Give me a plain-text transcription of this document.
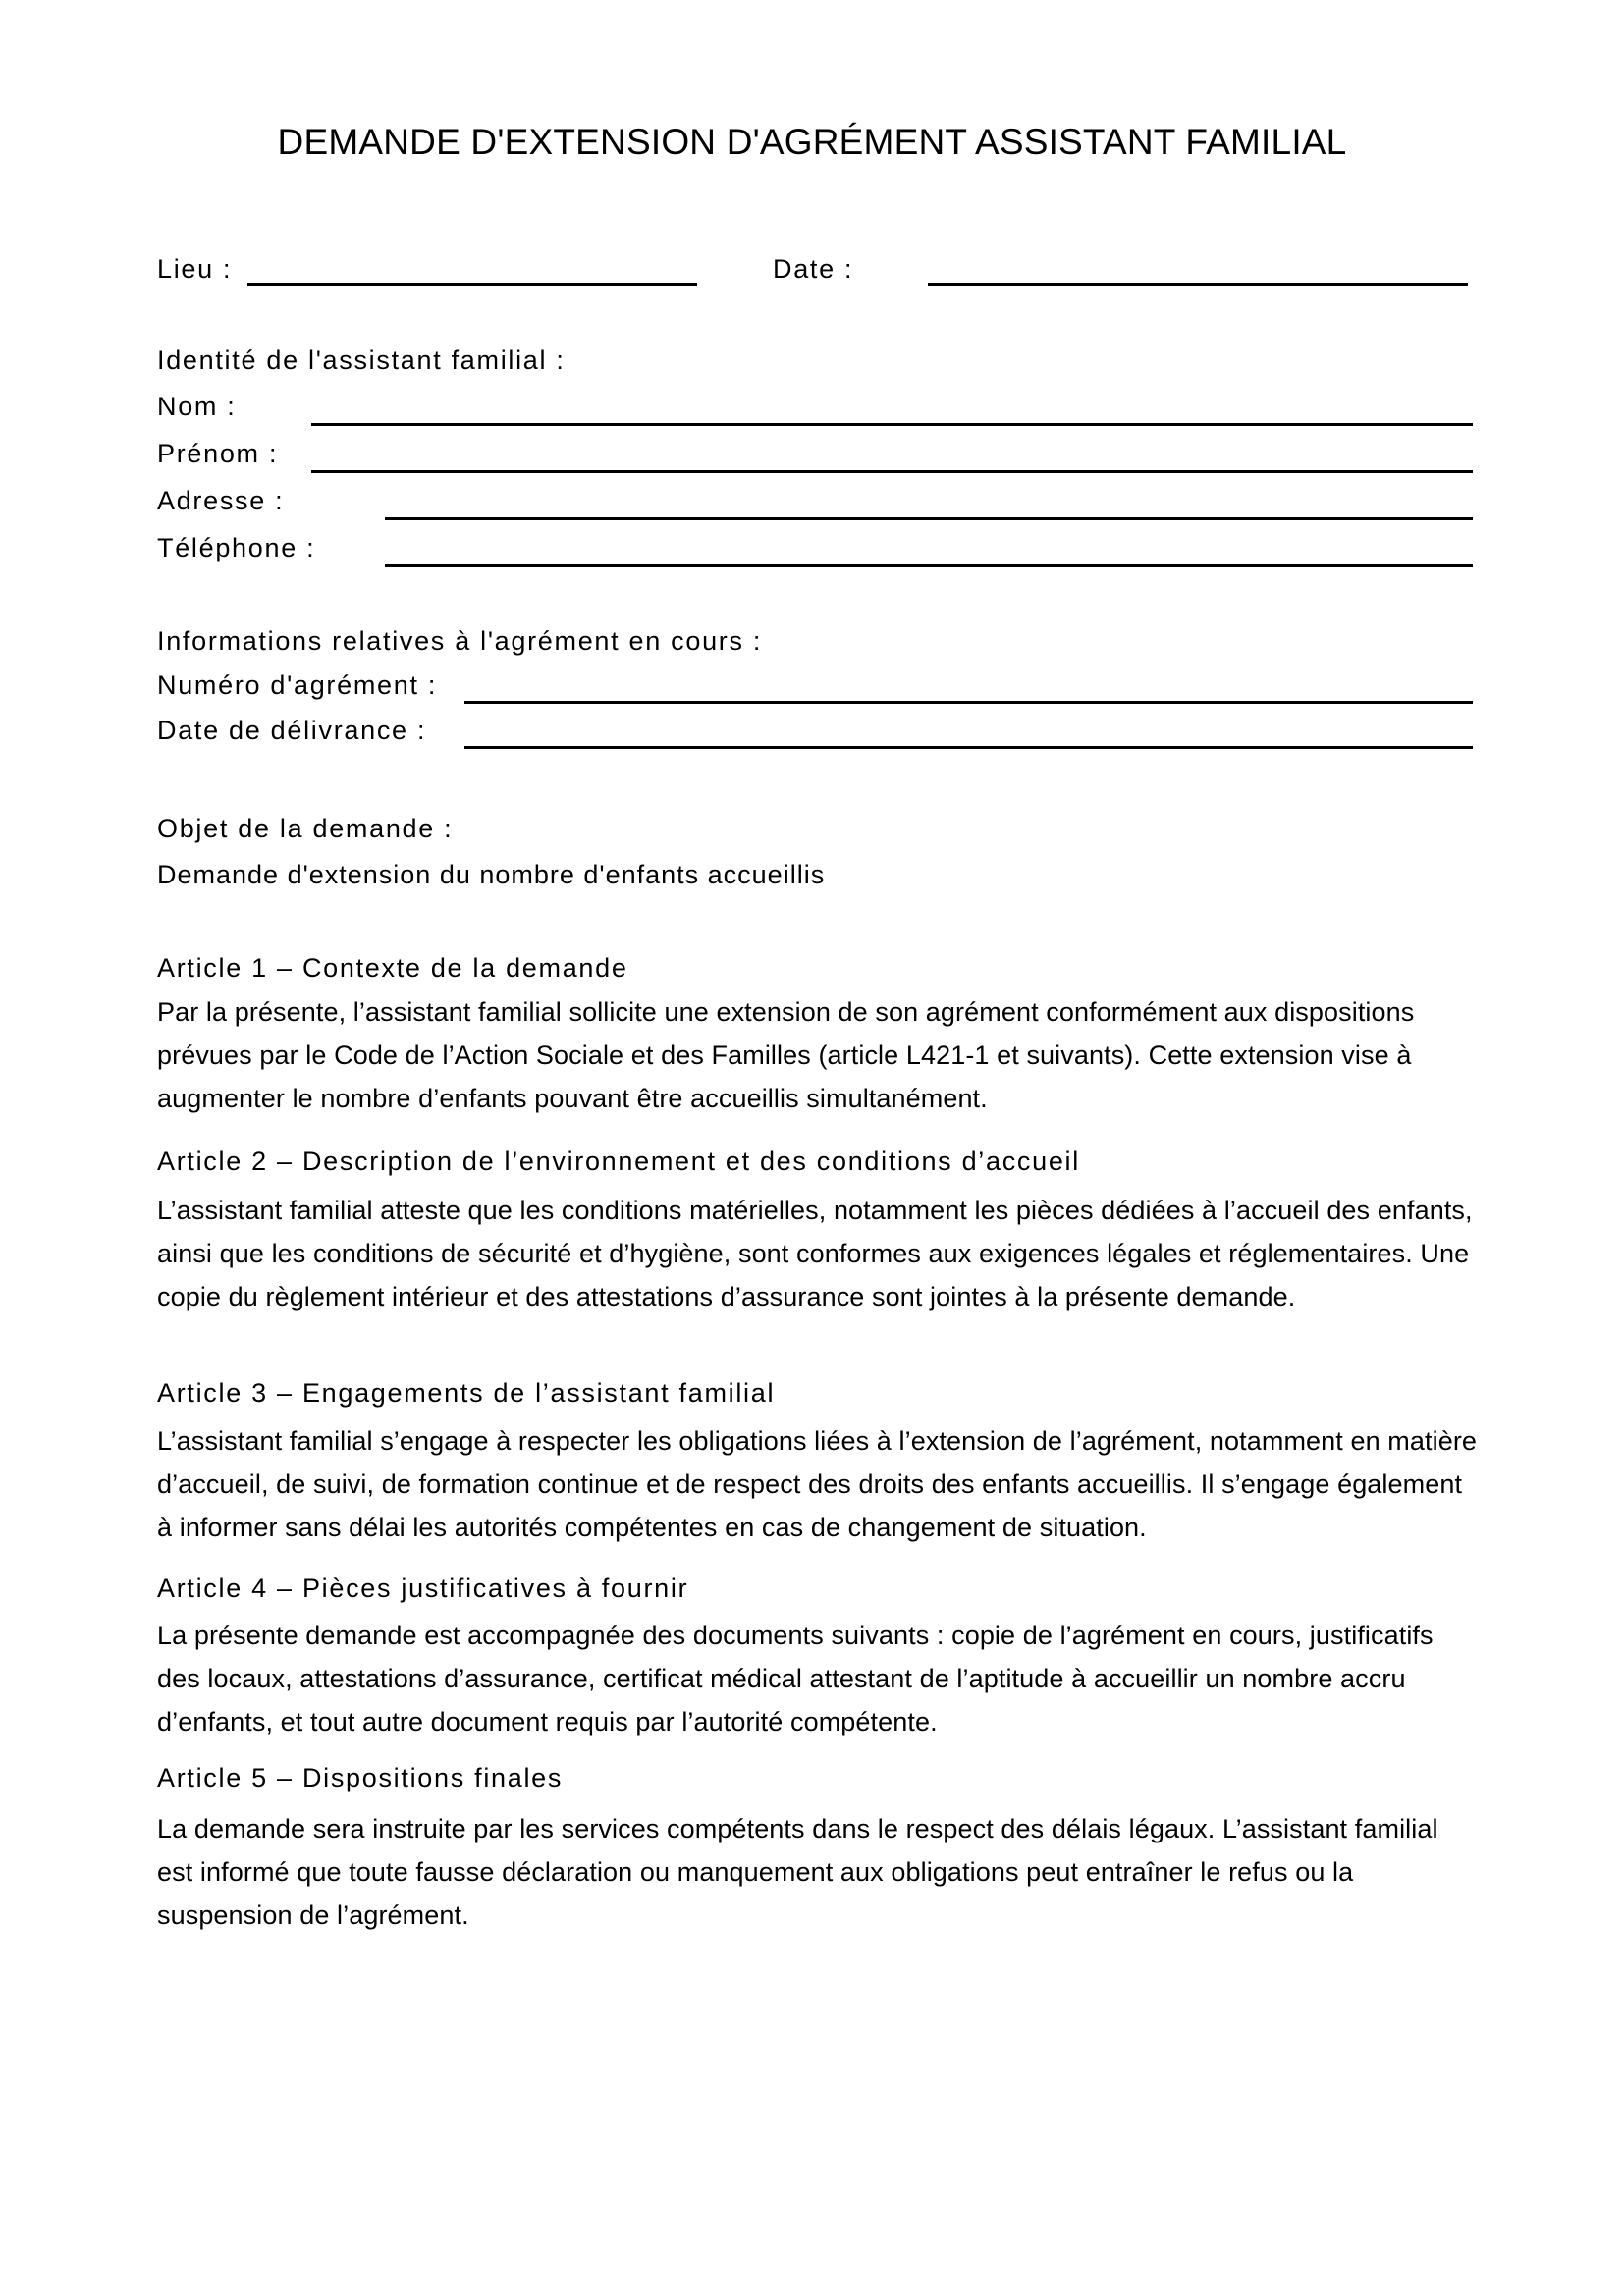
DEMANDE D'EXTENSION D'AGRÉMENT ASSISTANT FAMILIAL
Lieu :	Date :
Identité de l'assistant familial :
Nom :
Prénom :
Adresse :
Téléphone :
Informations relatives à l'agrément en cours :
Numéro d'agrément :
Date de délivrance :
Objet de la demande :
Demande d'extension du nombre d'enfants accueillis
Article 1 – Contexte de la demande
Par la présente, l’assistant familial sollicite une extension de son agrément conformément aux dispositions prévues par le Code de l’Action Sociale et des Familles (article L421-1 et suivants). Cette extension vise à augmenter le nombre d’enfants pouvant être accueillis simultanément.
Article 2 – Description de l’environnement et des conditions d’accueil
L’assistant familial atteste que les conditions matérielles, notamment les pièces dédiées à l’accueil des enfants, ainsi que les conditions de sécurité et d’hygiène, sont conformes aux exigences légales et réglementaires. Une copie du règlement intérieur et des attestations d’assurance sont jointes à la présente demande.
Article 3 – Engagements de l’assistant familial
L’assistant familial s’engage à respecter les obligations liées à l’extension de l’agrément, notamment en matière d’accueil, de suivi, de formation continue et de respect des droits des enfants accueillis. Il s’engage également à informer sans délai les autorités compétentes en cas de changement de situation.
Article 4 – Pièces justificatives à fournir
La présente demande est accompagnée des documents suivants : copie de l’agrément en cours, justificatifs des locaux, attestations d’assurance, certificat médical attestant de l’aptitude à accueillir un nombre accru d’enfants, et tout autre document requis par l’autorité compétente.
Article 5 – Dispositions finales
La demande sera instruite par les services compétents dans le respect des délais légaux. L’assistant familial est informé que toute fausse déclaration ou manquement aux obligations peut entraîner le refus ou la suspension de l’agrément.
